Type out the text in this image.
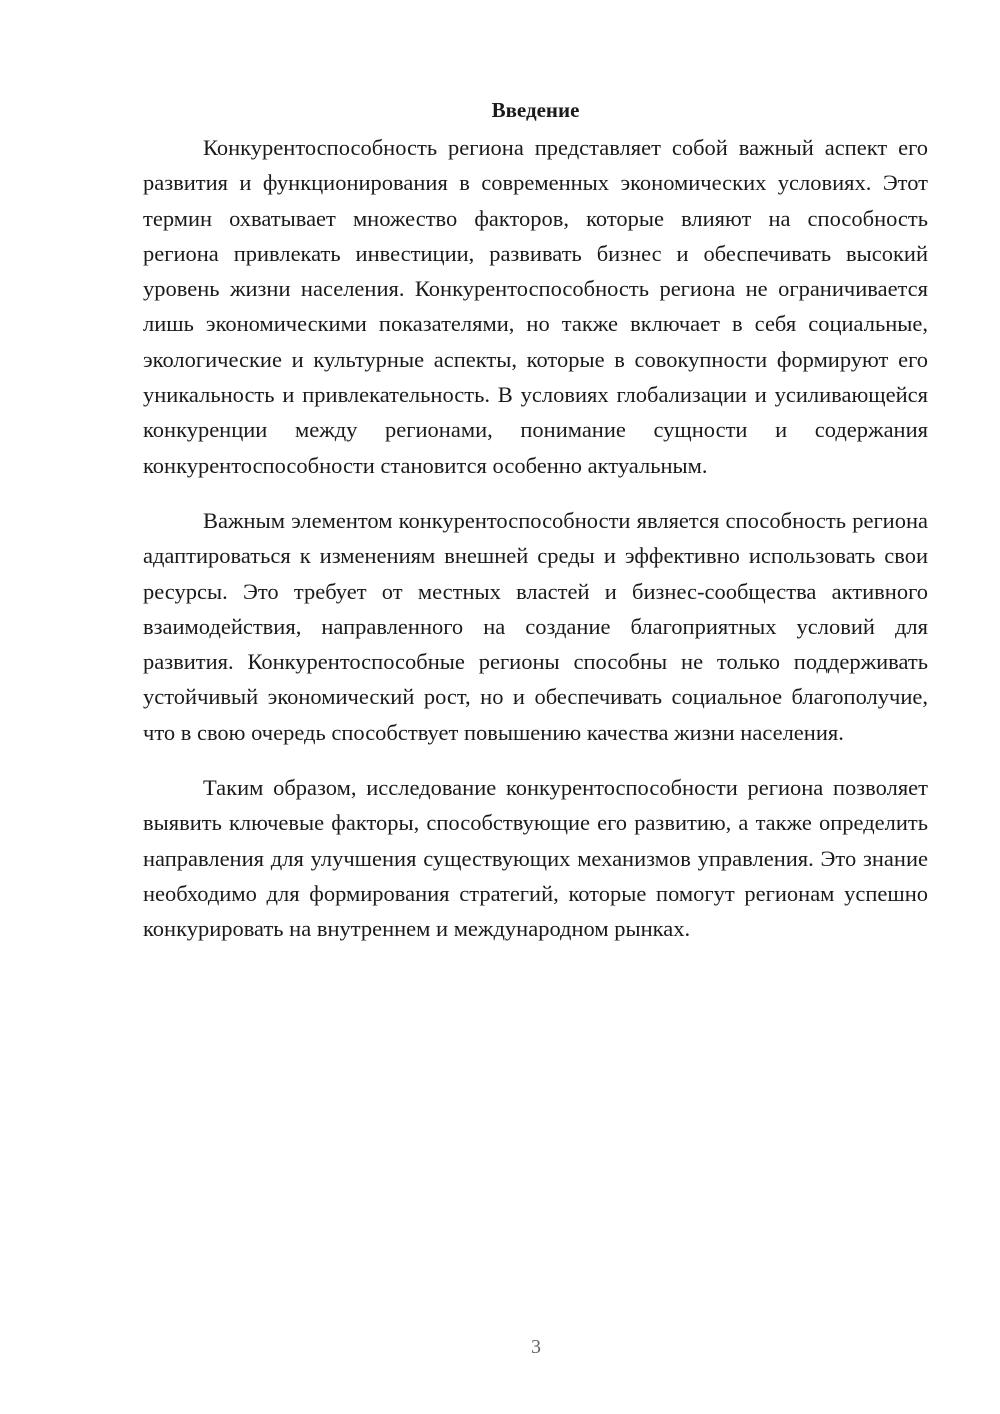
Введение

Конкурентоспособность региона представляет собой важный аспект его развития и функционирования в современных экономических условиях. Этот термин охватывает множество факторов, которые влияют на способность региона привлекать инвестиции, развивать бизнес и обеспечивать высокий уровень жизни населения. Конкурентоспособность региона не ограничивается лишь экономическими показателями, но также включает в себя социальные, экологические и культурные аспекты, которые в совокупности формируют его уникальность и привлекательность. В условиях глобализации и усиливающейся конкуренции между регионами, понимание сущности и содержания конкурентоспособности становится особенно актуальным.

Важным элементом конкурентоспособности является способность региона адаптироваться к изменениям внешней среды и эффективно использовать свои ресурсы. Это требует от местных властей и бизнес-сообщества активного взаимодействия, направленного на создание благоприятных условий для развития. Конкурентоспособные регионы способны не только поддерживать устойчивый экономический рост, но и обеспечивать социальное благополучие, что в свою очередь способствует повышению качества жизни населения.

Таким образом, исследование конкурентоспособности региона позволяет выявить ключевые факторы, способствующие его развитию, а также определить направления для улучшения существующих механизмов управления. Это знание необходимо для формирования стратегий, которые помогут регионам успешно конкурировать на внутреннем и международном рынках.

3
